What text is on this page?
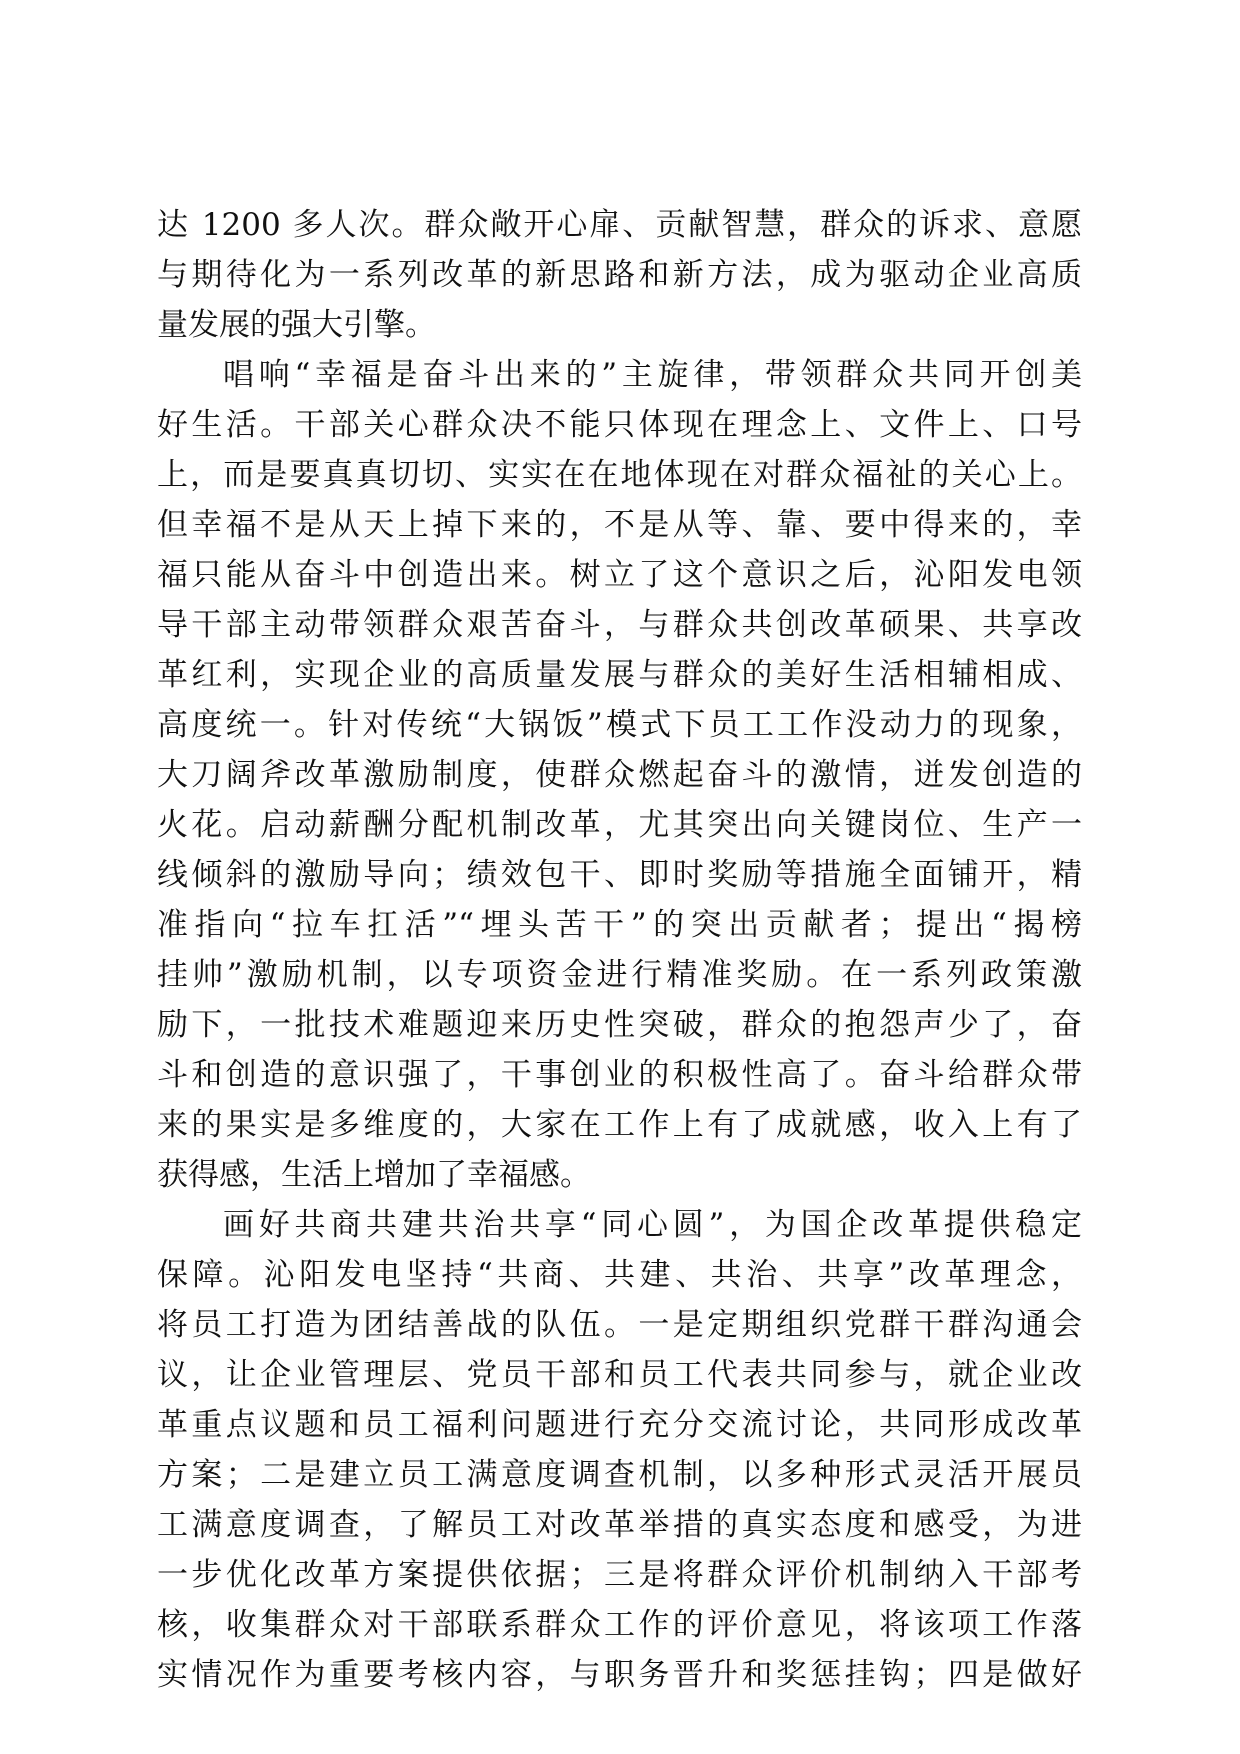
达 1200 多人次。群众敞开心扉、贡献智慧，群众的诉求、意愿
与期待化为一系列改革的新思路和新方法，成为驱动企业高质
量发展的强大引擎。
唱响“幸福是奋斗出来的”主旋律，带领群众共同开创美
好生活。干部关心群众决不能只体现在理念上、文件上、口号
上，而是要真真切切、实实在在地体现在对群众福祉的关心上。
但幸福不是从天上掉下来的，不是从等、靠、要中得来的，幸
福只能从奋斗中创造出来。树立了这个意识之后，沁阳发电领
导干部主动带领群众艰苦奋斗，与群众共创改革硕果、共享改
革红利，实现企业的高质量发展与群众的美好生活相辅相成、
高度统一。针对传统“大锅饭”模式下员工工作没动力的现象，
大刀阔斧改革激励制度，使群众燃起奋斗的激情，迸发创造的
火花。启动薪酬分配机制改革，尤其突出向关键岗位、生产一
线倾斜的激励导向；绩效包干、即时奖励等措施全面铺开，精
准指向“拉车扛活”“埋头苦干”的突出贡献者；提出“揭榜
挂帅”激励机制，以专项资金进行精准奖励。在一系列政策激
励下，一批技术难题迎来历史性突破，群众的抱怨声少了，奋
斗和创造的意识强了，干事创业的积极性高了。奋斗给群众带
来的果实是多维度的，大家在工作上有了成就感，收入上有了
获得感，生活上增加了幸福感。
画好共商共建共治共享“同心圆”，为国企改革提供稳定
保障。沁阳发电坚持“共商、共建、共治、共享”改革理念，
将员工打造为团结善战的队伍。一是定期组织党群干群沟通会
议，让企业管理层、党员干部和员工代表共同参与，就企业改
革重点议题和员工福利问题进行充分交流讨论，共同形成改革
方案；二是建立员工满意度调查机制，以多种形式灵活开展员
工满意度调查，了解员工对改革举措的真实态度和感受，为进
一步优化改革方案提供依据；三是将群众评价机制纳入干部考
核，收集群众对干部联系群众工作的评价意见，将该项工作落
实情况作为重要考核内容，与职务晋升和奖惩挂钩；四是做好
